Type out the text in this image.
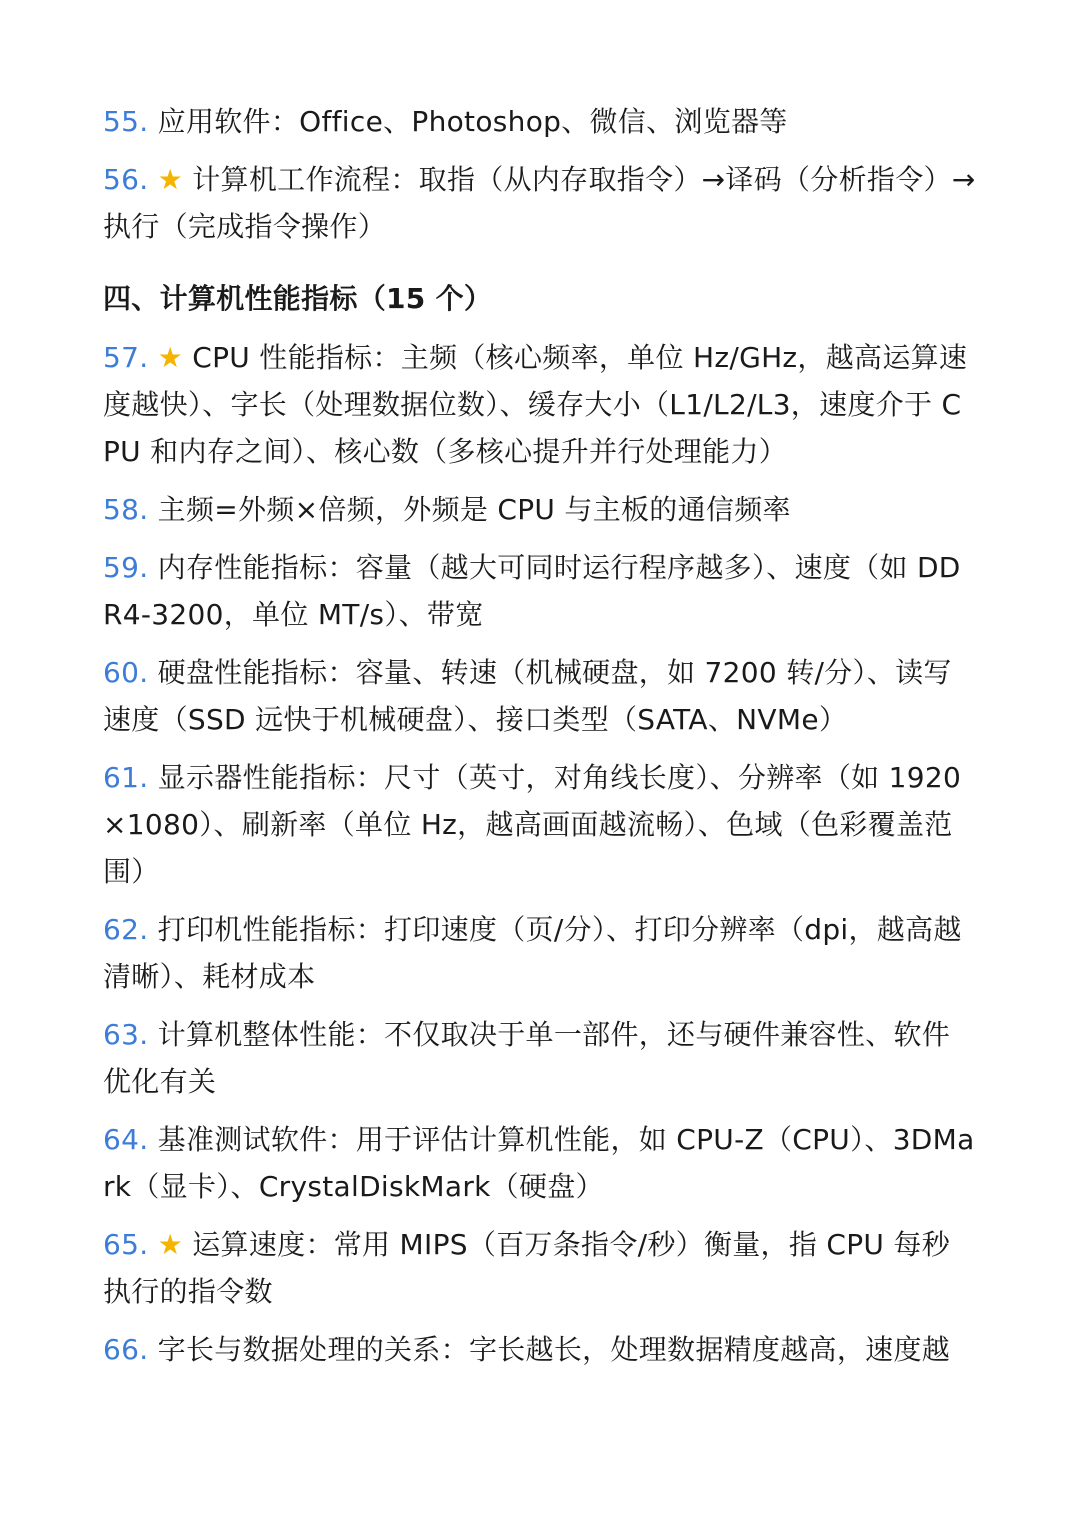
55. 应用软件：Office、Photoshop、微信、浏览器等

56. ★ 计算机工作流程：取指（从内存取指令）→译码（分析指令）→执行（完成指令操作）

四、计算机性能指标（15 个）

57. ★ CPU 性能指标：主频（核心频率，单位 Hz/GHz，越高运算速度越快）、字长（处理数据位数）、缓存大小（L1/L2/L3，速度介于 CPU 和内存之间）、核心数（多核心提升并行处理能力）

58. 主频=外频×倍频，外频是 CPU 与主板的通信频率

59. 内存性能指标：容量（越大可同时运行程序越多）、速度（如 DDR4-3200，单位 MT/s）、带宽

60. 硬盘性能指标：容量、转速（机械硬盘，如 7200 转/分）、读写速度（SSD 远快于机械硬盘）、接口类型（SATA、NVMe）

61. 显示器性能指标：尺寸（英寸，对角线长度）、分辨率（如 1920×1080）、刷新率（单位 Hz，越高画面越流畅）、色域（色彩覆盖范围）

62. 打印机性能指标：打印速度（页/分）、打印分辨率（dpi，越高越清晰）、耗材成本

63. 计算机整体性能：不仅取决于单一部件，还与硬件兼容性、软件优化有关

64. 基准测试软件：用于评估计算机性能，如 CPU-Z（CPU）、3DMark（显卡）、CrystalDiskMark（硬盘）

65. ★ 运算速度：常用 MIPS（百万条指令/秒）衡量，指 CPU 每秒执行的指令数

66. 字长与数据处理的关系：字长越长，处理数据精度越高，速度越
